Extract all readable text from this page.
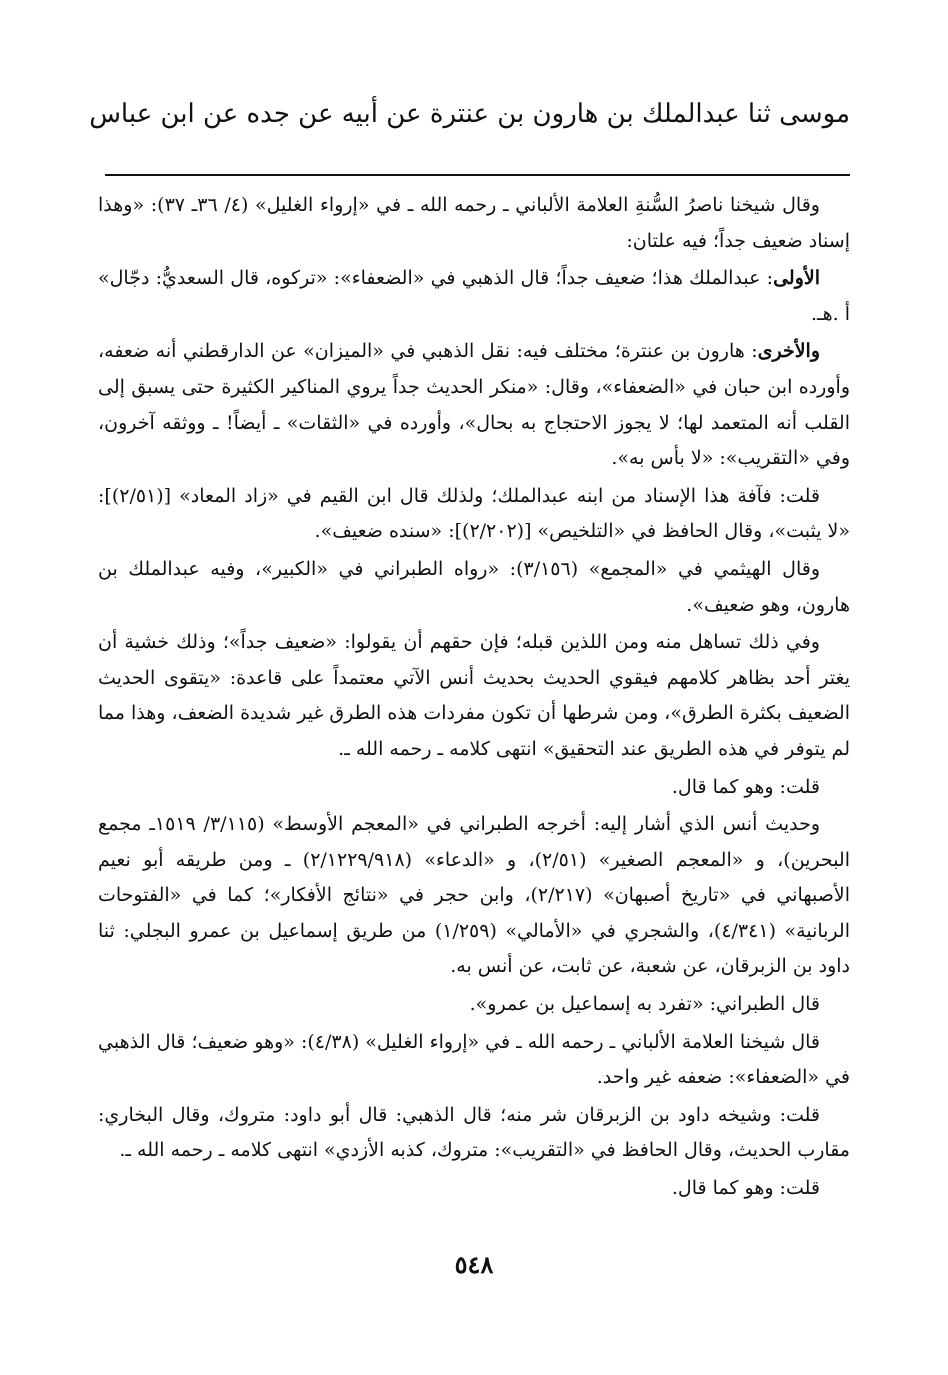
موسى ثنا عبدالملك بن هارون بن عنترة عن أبيه عن جده عن ابن عباس

وقال شيخنا ناصرُ السُّنةِ العلامة الألباني ـ رحمه الله ـ في «إرواء الغليل» (٤/ ٣٦ـ ٣٧): «وهذا إسناد ضعيف جداً؛ فيه علتان:

الأولى: عبدالملك هذا؛ ضعيف جداً؛ قال الذهبي في «الضعفاء»: «تركوه، قال السعديُّ: دجّال» أ .هـ.

والأخرى: هارون بن عنترة؛ مختلف فيه: نقل الذهبي في «الميزان» عن الدارقطني أنه ضعفه، وأورده ابن حبان في «الضعفاء»، وقال: «منكر الحديث جداً يروي المناكير الكثيرة حتى يسبق إلى القلب أنه المتعمد لها؛ لا يجوز الاحتجاج به بحال»، وأورده في «الثقات» ـ أيضاً! ـ ووثقه آخرون، وفي «التقريب»: «لا بأس به».

قلت: فآفة هذا الإسناد من ابنه عبدالملك؛ ولذلك قال ابن القيم في «زاد المعاد» [(٢/٥١)]: «لا يثبت»، وقال الحافظ في «التلخيص» [(٢/٢٠٢)]: «سنده ضعيف».

وقال الهيثمي في «المجمع» (٣/١٥٦): «رواه الطبراني في «الكبير»، وفيه عبدالملك بن هارون، وهو ضعيف».

وفي ذلك تساهل منه ومن اللذين قبله؛ فإن حقهم أن يقولوا: «ضعيف جداً»؛ وذلك خشية أن يغتر أحد بظاهر كلامهم فيقوي الحديث بحديث أنس الآتي معتمداً على قاعدة: «يتقوى الحديث الضعيف بكثرة الطرق»، ومن شرطها أن تكون مفردات هذه الطرق غير شديدة الضعف، وهذا مما لم يتوفر في هذه الطريق عند التحقيق» انتهى كلامه ـ رحمه الله ـ.

قلت: وهو كما قال.

وحديث أنس الذي أشار إليه: أخرجه الطبراني في «المعجم الأوسط» (٣/١١٥/ ١٥١٩ـ مجمع البحرين)، و «المعجم الصغير» (٢/٥١)، و «الدعاء» (٢/١٢٢٩/٩١٨) ـ ومن طريقه أبو نعيم الأصبهاني في «تاريخ أصبهان» (٢/٢١٧)، وابن حجر في «نتائج الأفكار»؛ كما في «الفتوحات الربانية» (٤/٣٤١)، والشجري في «الأمالي» (١/٢٥٩) من طريق إسماعيل بن عمرو البجلي: ثنا داود بن الزبرقان، عن شعبة، عن ثابت، عن أنس به.

قال الطبراني: «تفرد به إسماعيل بن عمرو».

قال شيخنا العلامة الألباني ـ رحمه الله ـ في «إرواء الغليل» (٤/٣٨): «وهو ضعيف؛ قال الذهبي في «الضعفاء»: ضعفه غير واحد.

قلت: وشيخه داود بن الزبرقان شر منه؛ قال الذهبي: قال أبو داود: متروك، وقال البخاري: مقارب الحديث، وقال الحافظ في «التقريب»: متروك، كذبه الأزدي» انتهى كلامه ـ رحمه الله ـ.

قلت: وهو كما قال.

٥٤٨
